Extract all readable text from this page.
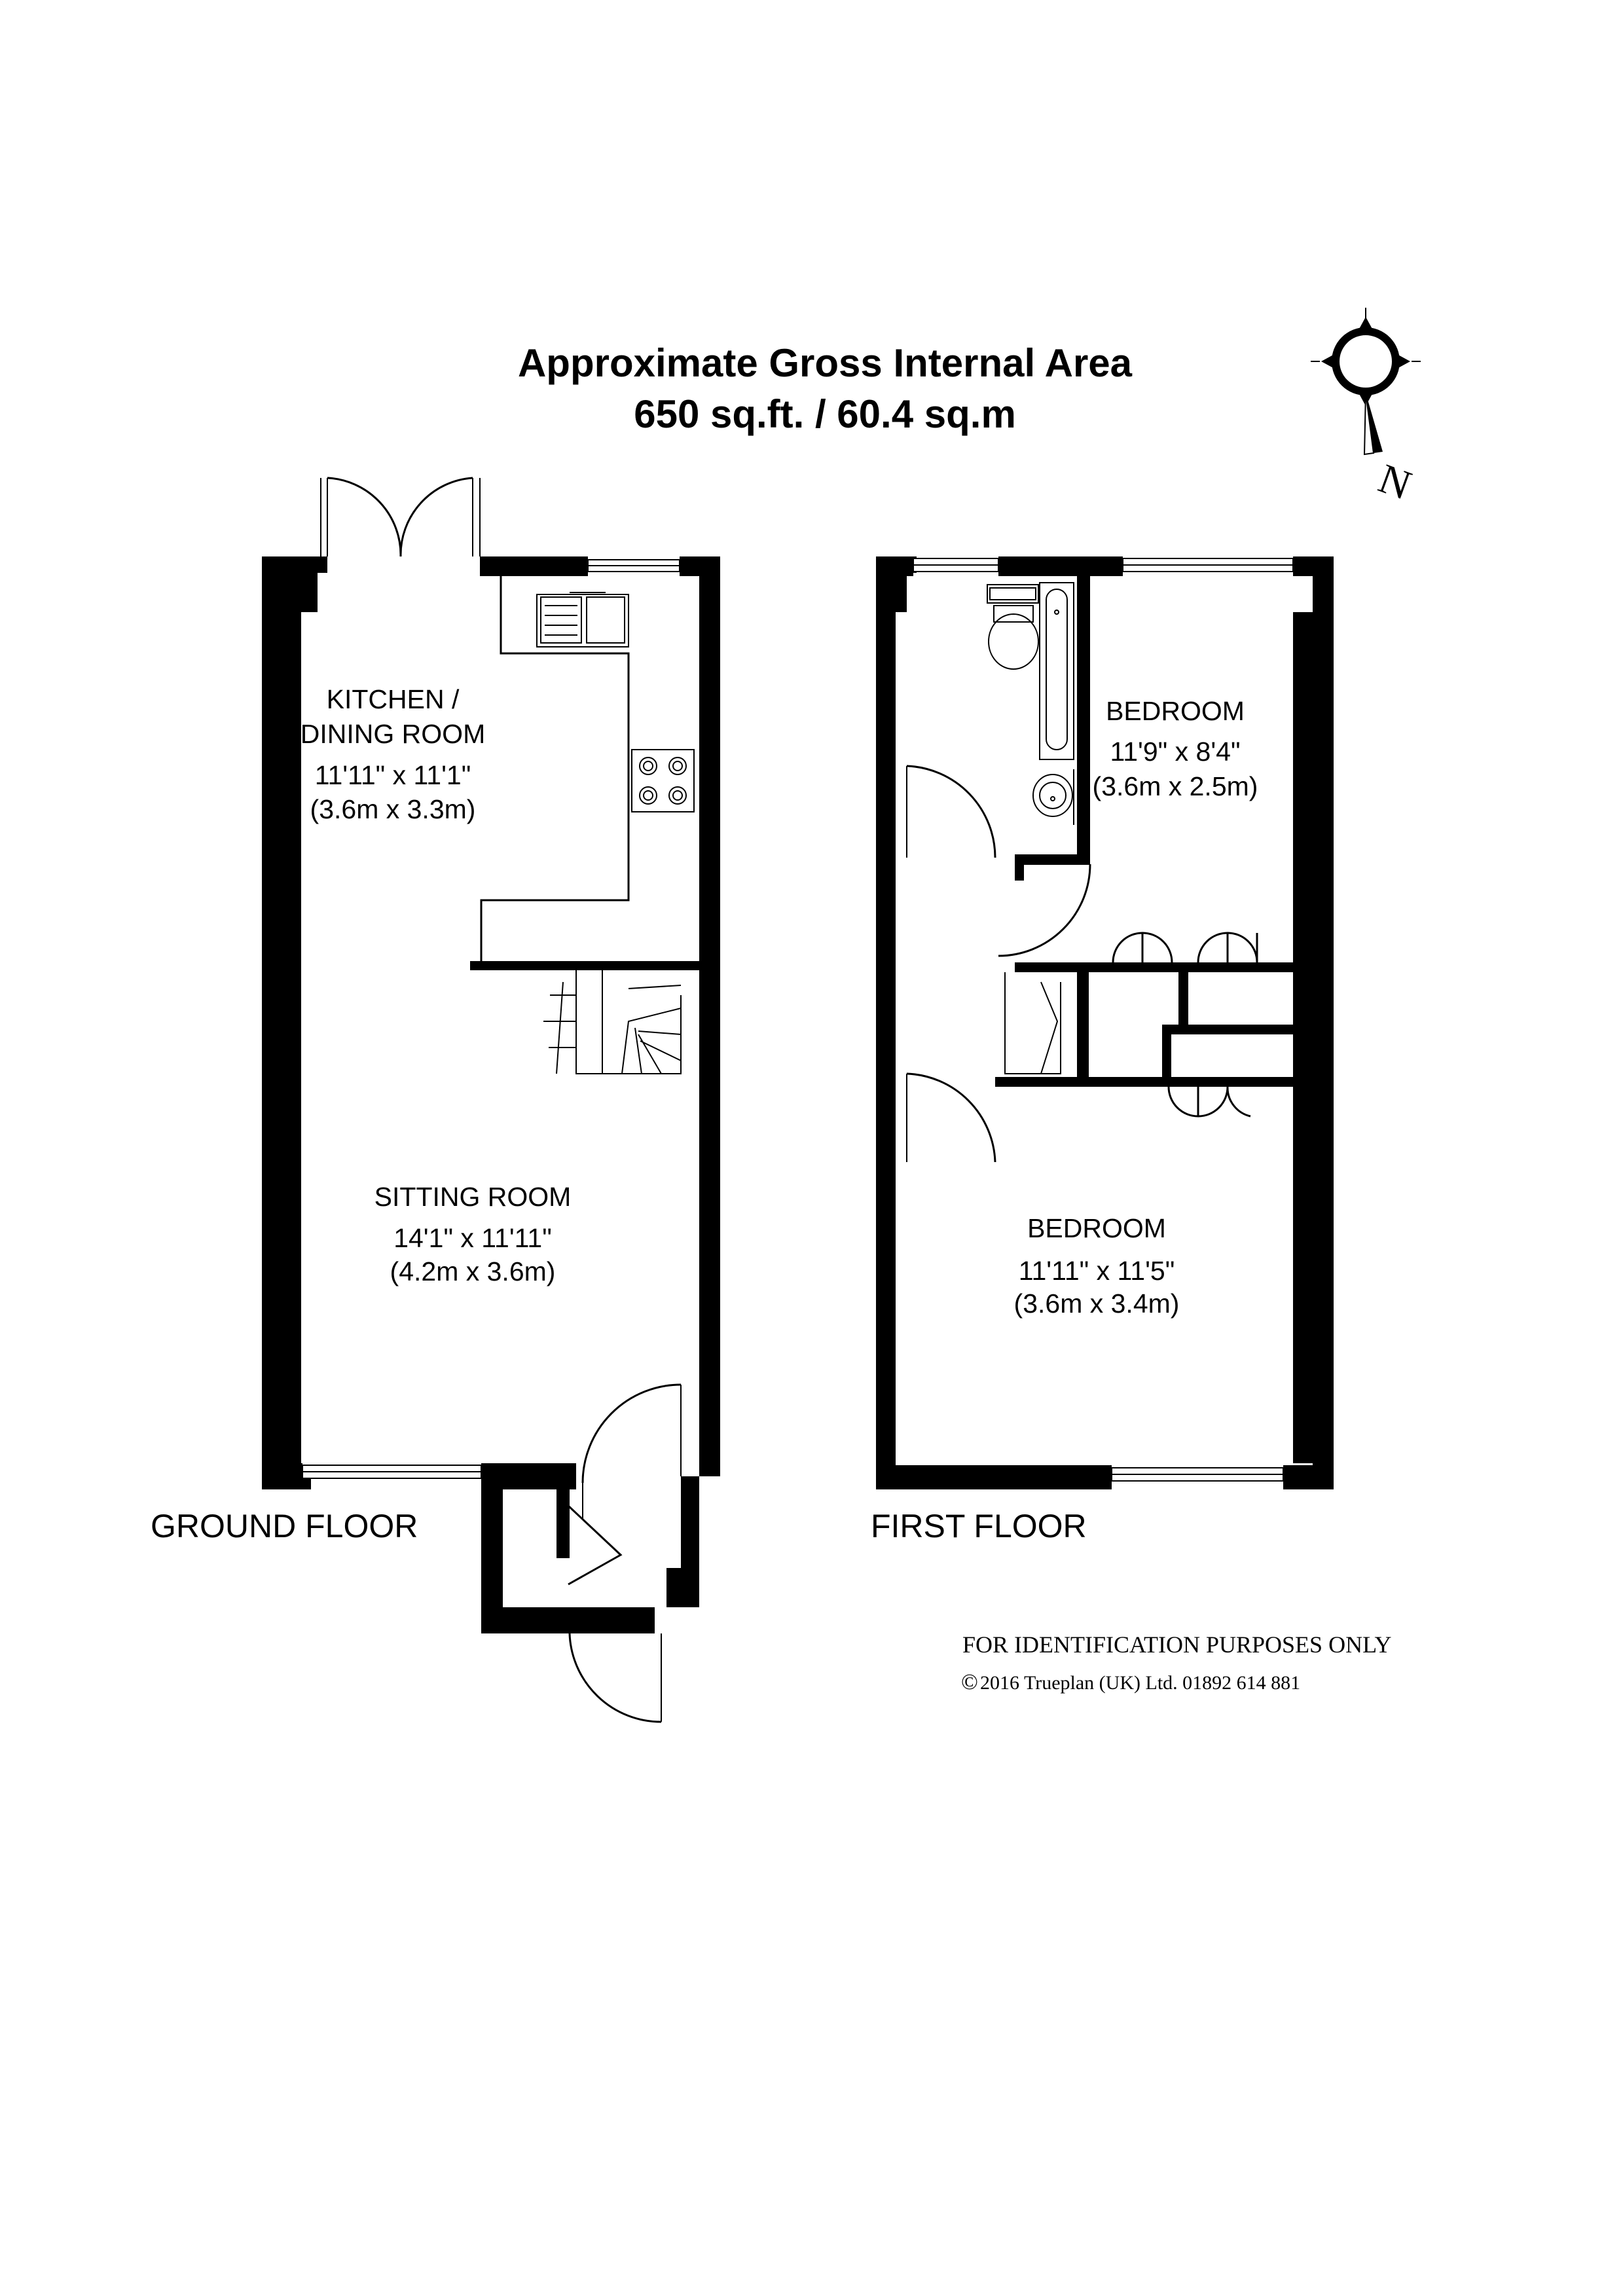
Approximate Gross Internal Area
650 sq.ft. / 60.4 sq.m
N
KITCHEN /
DINING ROOM
11'11" x 11'1"
(3.6m x 3.3m)
SITTING ROOM
14'1" x 11'11"
(4.2m x 3.6m)
GROUND FLOOR
BEDROOM
11'9" x 8'4"
(3.6m x 2.5m)
BEDROOM
11'11" x 11'5"
(3.6m x 3.4m)
FIRST FLOOR
FOR IDENTIFICATION PURPOSES ONLY
© 2016 Trueplan (UK) Ltd. 01892 614 881
